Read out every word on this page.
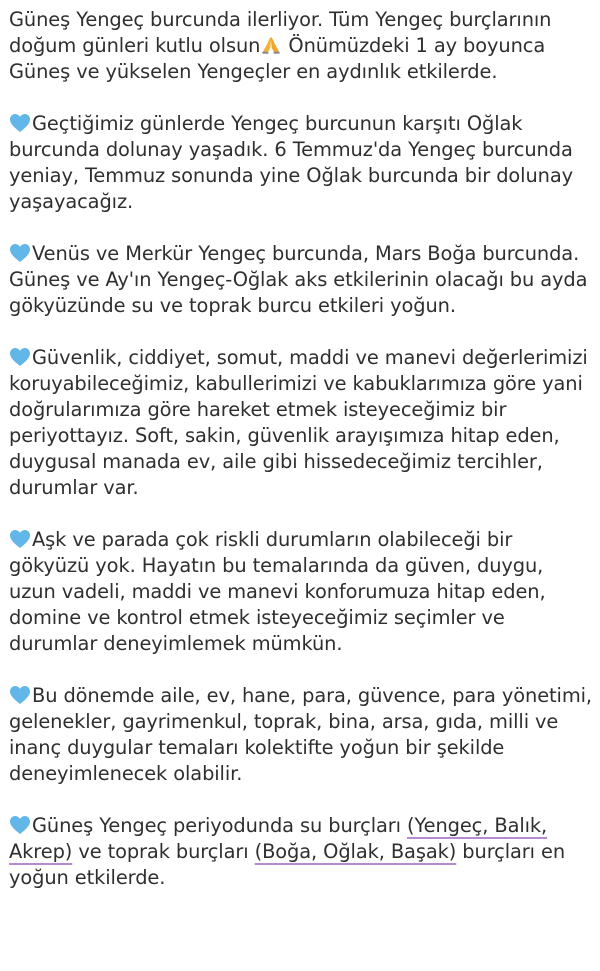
Güneş Yengeç burcunda ilerliyor. Tüm Yengeç burçlarının doğum günleri kutlu olsun Önümüzdeki 1 ay boyunca Güneş ve yükselen Yengeçler en aydınlık etkilerde.

Geçtiğimiz günlerde Yengeç burcunun karşıtı Oğlak burcunda dolunay yaşadık. 6 Temmuz'da Yengeç burcunda yeniay, Temmuz sonunda yine Oğlak burcunda bir dolunay yaşayacağız.

Venüs ve Merkür Yengeç burcunda, Mars Boğa burcunda. Güneş ve Ay'ın Yengeç-Oğlak aks etkilerinin olacağı bu ayda gökyüzünde su ve toprak burcu etkileri yoğun.

Güvenlik, ciddiyet, somut, maddi ve manevi değerlerimizi koruyabileceğimiz, kabullerimizi ve kabuklarımıza göre yani doğrularımıza göre hareket etmek isteyeceğimiz bir periyottayız. Soft, sakin, güvenlik arayışımıza hitap eden, duygusal manada ev, aile gibi hissedeceğimiz tercihler, durumlar var.

Aşk ve parada çok riskli durumların olabileceği bir gökyüzü yok. Hayatın bu temalarında da güven, duygu, uzun vadeli, maddi ve manevi konforumuza hitap eden, domine ve kontrol etmek isteyeceğimiz seçimler ve durumlar deneyimlemek mümkün.

Bu dönemde aile, ev, hane, para, güvence, para yönetimi, gelenekler, gayrimenkul, toprak, bina, arsa, gıda, milli ve inanç duygular temaları kolektifte yoğun bir şekilde deneyimlenecek olabilir.

Güneş Yengeç periyodunda su burçları (Yengeç, Balık, Akrep) ve toprak burçları (Boğa, Oğlak, Başak) burçları en yoğun etkilerde.
